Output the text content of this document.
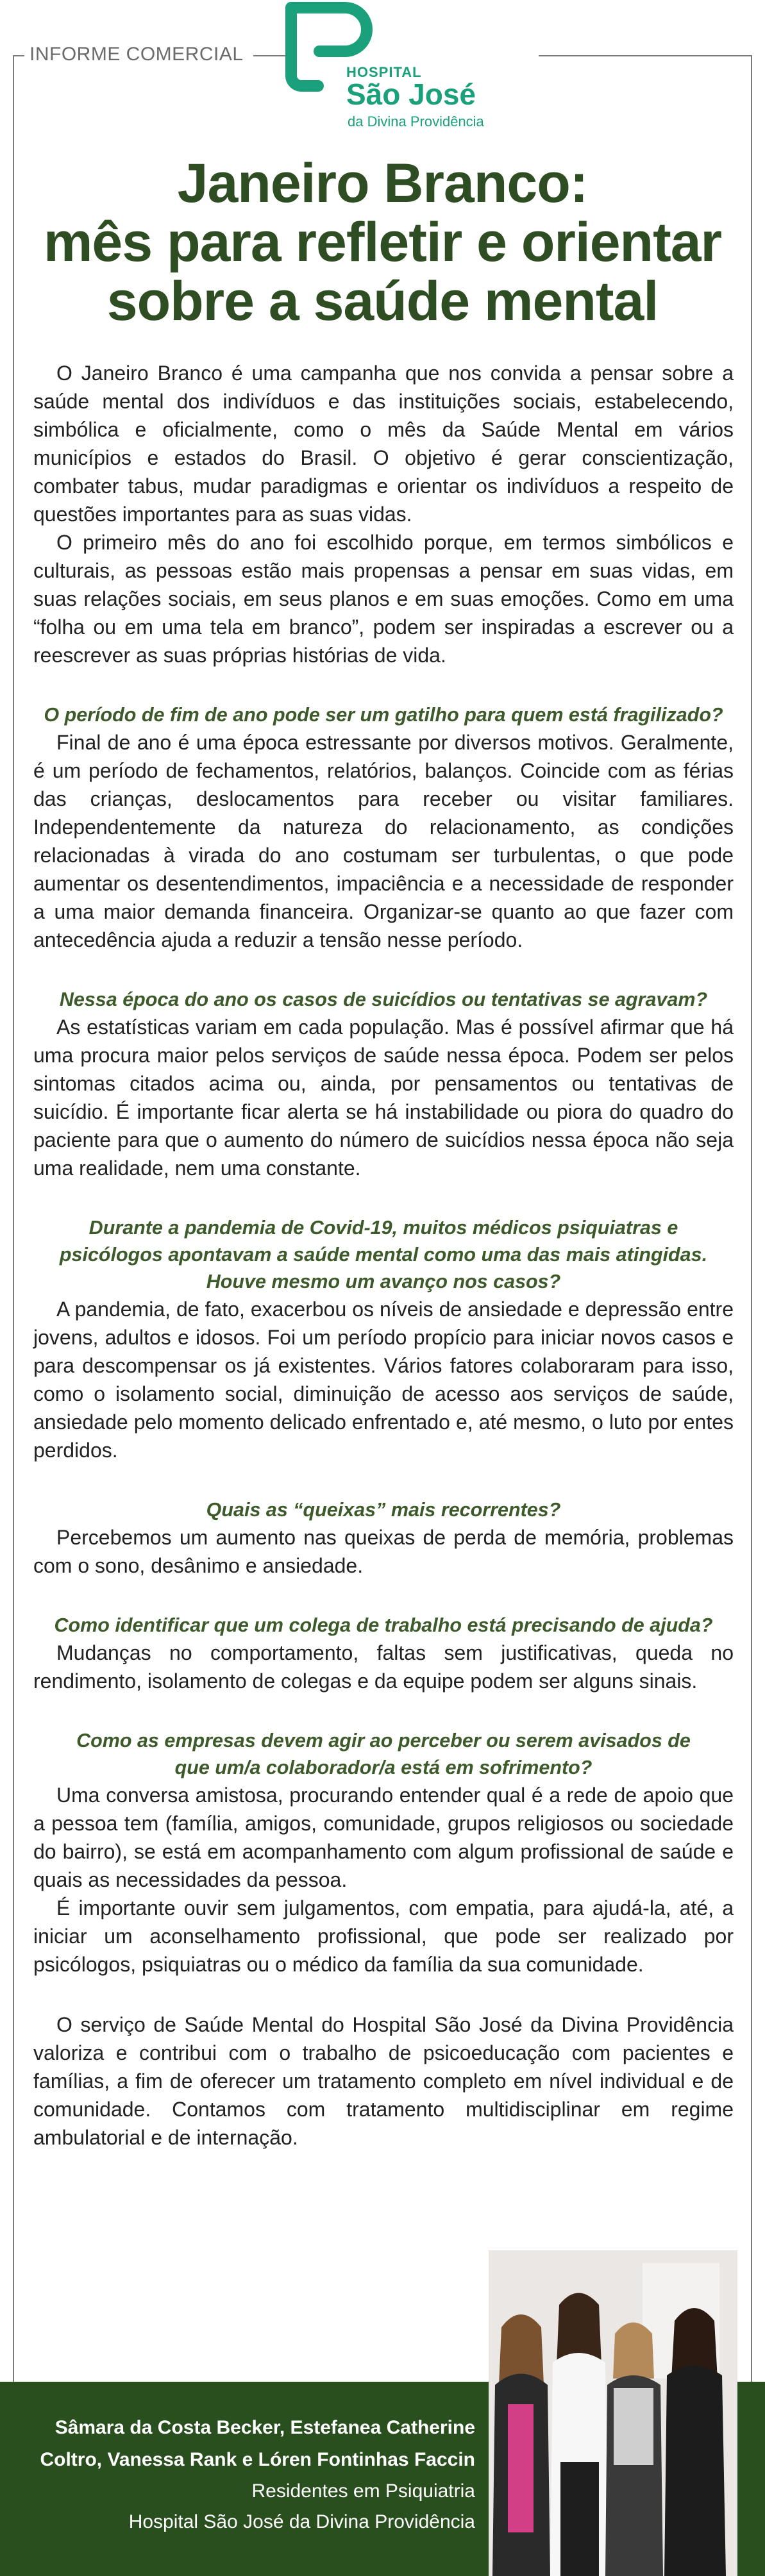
INFORME COMERCIAL
HOSPITAL
São José
da Divina Providência
Janeiro Branco:
mês para refletir e orientar
sobre a saúde mental

O Janeiro Branco é uma campanha que nos convida a pensar sobre a saúde mental dos indivíduos e das instituições sociais, estabelecendo, simbólica e oficialmente, como o mês da Saúde Mental em vários municípios e estados do Brasil. O objetivo é gerar conscientização, combater tabus, mudar paradigmas e orientar os indivíduos a respeito de questões importantes para as suas vidas.

O primeiro mês do ano foi escolhido porque, em termos simbólicos e culturais, as pessoas estão mais propensas a pensar em suas vidas, em suas relações sociais, em seus planos e em suas emoções. Como em uma “folha ou em uma tela em branco”, podem ser inspiradas a escrever ou a reescrever as suas próprias histórias de vida.

O período de fim de ano pode ser um gatilho para quem está fragilizado?

Final de ano é uma época estressante por diversos motivos. Geralmente, é um período de fechamentos, relatórios, balanços. Coincide com as férias das crianças, deslocamentos para receber ou visitar familiares. Independentemente da natureza do relacionamento, as condições relacionadas à virada do ano costumam ser turbulentas, o que pode aumentar os desentendimentos, impaciência e a necessidade de responder a uma maior demanda financeira. Organizar-se quanto ao que fazer com antecedência ajuda a reduzir a tensão nesse período.

Nessa época do ano os casos de suicídios ou tentativas se agravam?

As estatísticas variam em cada população. Mas é possível afirmar que há uma procura maior pelos serviços de saúde nessa época. Podem ser pelos sintomas citados acima ou, ainda, por pensamentos ou tentativas de suicídio. É importante ficar alerta se há instabilidade ou piora do quadro do paciente para que o aumento do número de suicídios nessa época não seja uma realidade, nem uma constante.

Durante a pandemia de Covid-19, muitos médicos psiquiatras e psicólogos apontavam a saúde mental como uma das mais atingidas. Houve mesmo um avanço nos casos?

A pandemia, de fato, exacerbou os níveis de ansiedade e depressão entre jovens, adultos e idosos. Foi um período propício para iniciar novos casos e para descompensar os já existentes. Vários fatores colaboraram para isso, como o isolamento social, diminuição de acesso aos serviços de saúde, ansiedade pelo momento delicado enfrentado e, até mesmo, o luto por entes perdidos.

Quais as “queixas” mais recorrentes?

Percebemos um aumento nas queixas de perda de memória, problemas com o sono, desânimo e ansiedade.

Como identificar que um colega de trabalho está precisando de ajuda?

Mudanças no comportamento, faltas sem justificativas, queda no rendimento, isolamento de colegas e da equipe podem ser alguns sinais.

Como as empresas devem agir ao perceber ou serem avisados de que um/a colaborador/a está em sofrimento?

Uma conversa amistosa, procurando entender qual é a rede de apoio que a pessoa tem (família, amigos, comunidade, grupos religiosos ou sociedade do bairro), se está em acompanhamento com algum profissional de saúde e quais as necessidades da pessoa.

É importante ouvir sem julgamentos, com empatia, para ajudá-la, até, a iniciar um aconselhamento profissional, que pode ser realizado por psicólogos, psiquiatras ou o médico da família da sua comunidade.

O serviço de Saúde Mental do Hospital São José da Divina Providência valoriza e contribui com o trabalho de psicoeducação com pacientes e famílias, a fim de oferecer um tratamento completo em nível individual e de comunidade. Contamos com tratamento multidisciplinar em regime ambulatorial e de internação.

Sâmara da Costa Becker, Estefanea Catherine
Coltro, Vanessa Rank e Lóren Fontinhas Faccin
Residentes em Psiquiatria
Hospital São José da Divina Providência
